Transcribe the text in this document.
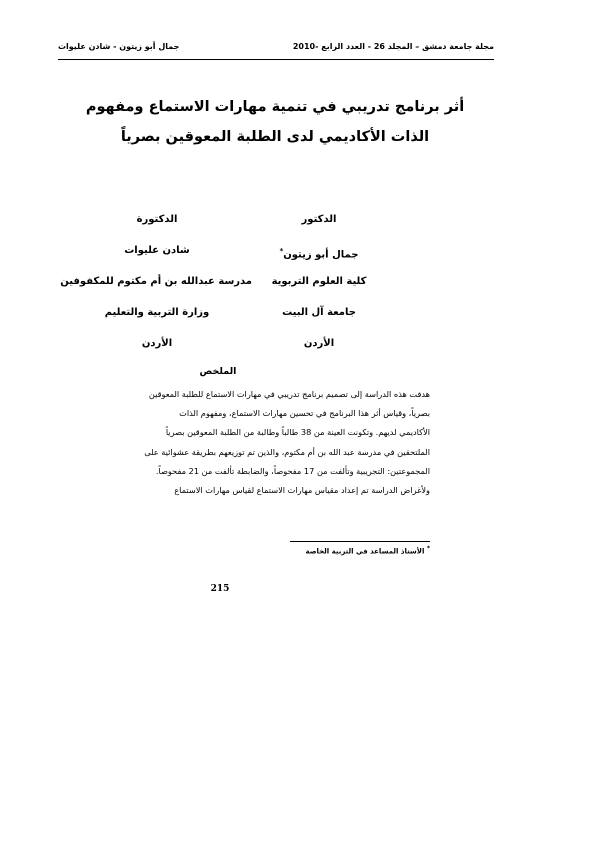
مجلة جامعة دمشق – المجلد 26 - العدد الرابع -2010
جمال أبو زيتون - شادن عليوات
أثر برنامج تدريبي في تنمية مهارات الاستماع ومفهوم
الذات الأكاديمي لدى الطلبة المعوقين بصرياً
الدكتور
جمال أبو زيتون*
كلية العلوم التربوية
جامعة آل البيت
الأردن
الدكتورة
شادن عليوات
مدرسة عبدالله بن أم مكتوم للمكفوفين
وزارة التربية والتعليم
الأردن
الملخص
هدفت هذه الدراسة إلى تصميم برنامج تدريبي في مهارات الاستماع للطلبة المعوقين
بصرياً، وقياس أثر هذا البرنامج في تحسين مهارات الاستماع، ومفهوم الذات
الأكاديمي لديهم. وتكونت العينة من 38 طالباً وطالبة من الطلبة المعوقين بصرياً
الملتحقين في مدرسة عبد الله بن أم مكتوم، والذين تم توزيعهم بطريقة عشوائية على
المجموعتين: التجريبية وتألفت من 17 مفحوصاً، والضابطة تألفت من 21 مفحوصاً.
ولأغراض الدراسة تم إعداد مقياس مهارات الاستماع لقياس مهارات الاستماع
* الأستاذ المساعد في التربية الخاصة
215
